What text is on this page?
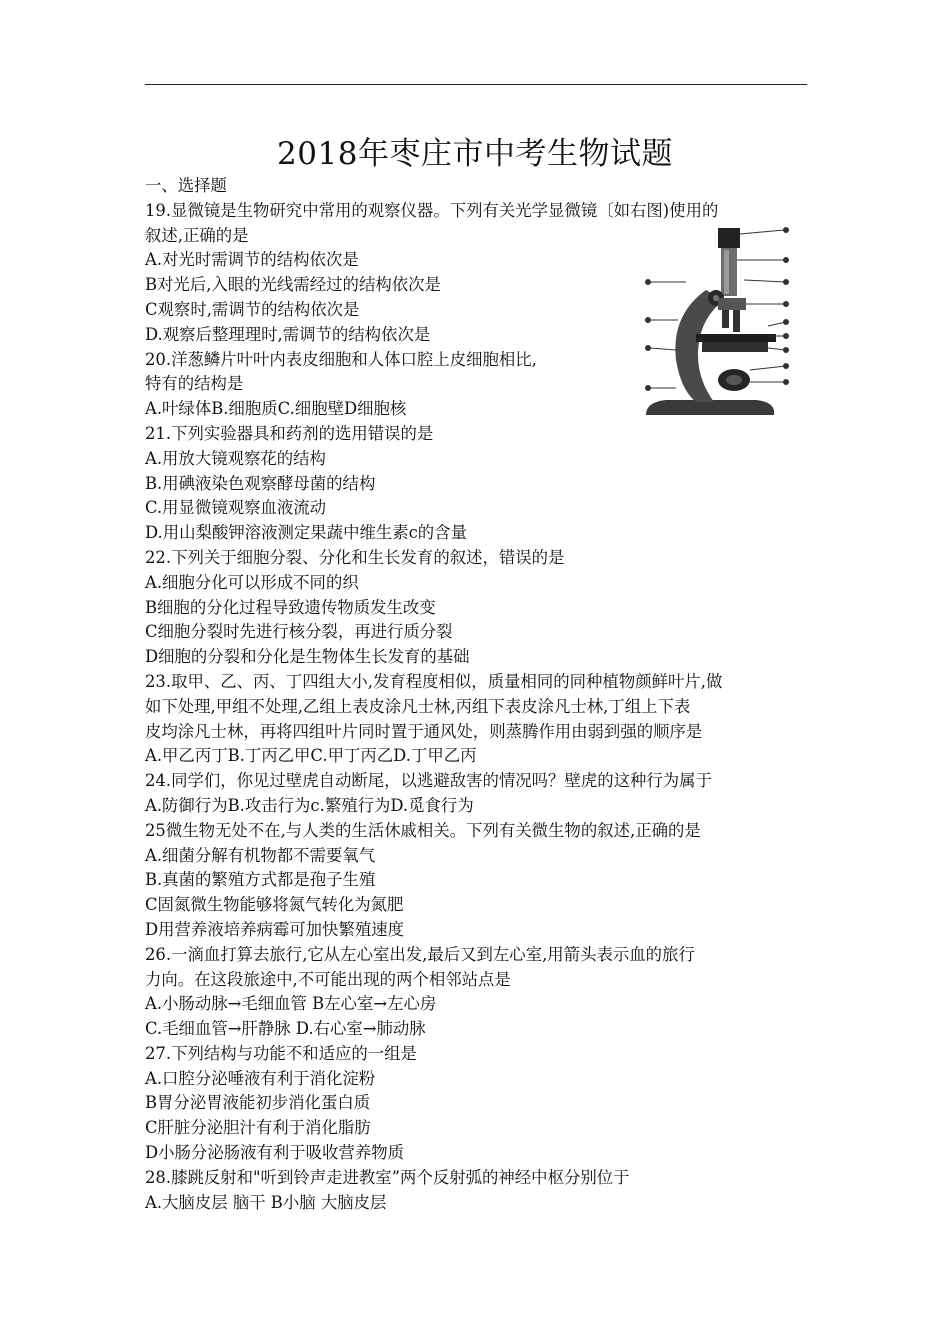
2018年枣庄市中考生物试题
一、选择题
19.显微镜是生物研究中常用的观察仪器。下列有关光学显微镜〔如右图)使用的
叙述,正确的是
A.对光时需调节的结构依次是
B对光后,入眼的光线需经过的结构依次是
C观察时,需调节的结构依次是
D.观察后整理理时,需调节的结构依次是
20.洋葱鳞片叶叶内表皮细胞和人体口腔上皮细胞相比,
特有的结构是
A.叶绿体B.细胞质C.细胞壁D细胞核
21.下列实验器具和药剂的选用错误的是
A.用放大镜观察花的结构
B.用碘液染色观察酵母菌的结构
C.用显微镜观察血液流动
D.用山梨酸钾溶液测定果蔬中维生素c的含量
22.下列关于细胞分裂、分化和生长发育的叙述，错误的是
A.细胞分化可以形成不同的织
B细胞的分化过程导致遗传物质发生改变
C细胞分裂时先进行核分裂，再进行质分裂
D细胞的分裂和分化是生物体生长发育的基础
23.取甲、乙、丙、丁四组大小,发育程度相似，质量相同的同种植物颜鲜叶片,做
如下处理,甲组不处理,乙组上表皮涂凡士林,丙组下表皮涂凡士林,丁组上下表
皮均涂凡士林，再将四组叶片同时置于通风处，则蒸腾作用由弱到强的顺序是
A.甲乙丙丁B.丁丙乙甲C.甲丁丙乙D.丁甲乙丙
24.同学们，你见过壁虎自动断尾，以逃避敌害的情况吗？壁虎的这种行为属于
A.防御行为B.攻击行为c.繁殖行为D.觅食行为
25微生物无处不在,与人类的生活休戚相关。下列有关微生物的叙述,正确的是
A.细菌分解有机物都不需要氧气
B.真菌的繁殖方式都是孢子生殖
C固氮微生物能够将氮气转化为氮肥
D用营养液培养病霉可加快繁殖速度
26.一滴血打算去旅行,它从左心室出发,最后又到左心室,用箭头表示血的旅行
力向。在这段旅途中,不可能出现的两个相邻站点是
A.小肠动脉→毛细血管 B左心室→左心房
C.毛细血管→肝静脉 D.右心室→肺动脉
27.下列结构与功能不和适应的一组是
A.口腔分泌唾液有利于消化淀粉
B胃分泌胃液能初步消化蛋白质
C肝脏分泌胆汁有利于消化脂肪
D小肠分泌肠液有利于吸收营养物质
28.膝跳反射和"听到铃声走进教室”两个反射弧的神经中枢分别位于
A.大脑皮层 脑干 B小脑 大脑皮层
